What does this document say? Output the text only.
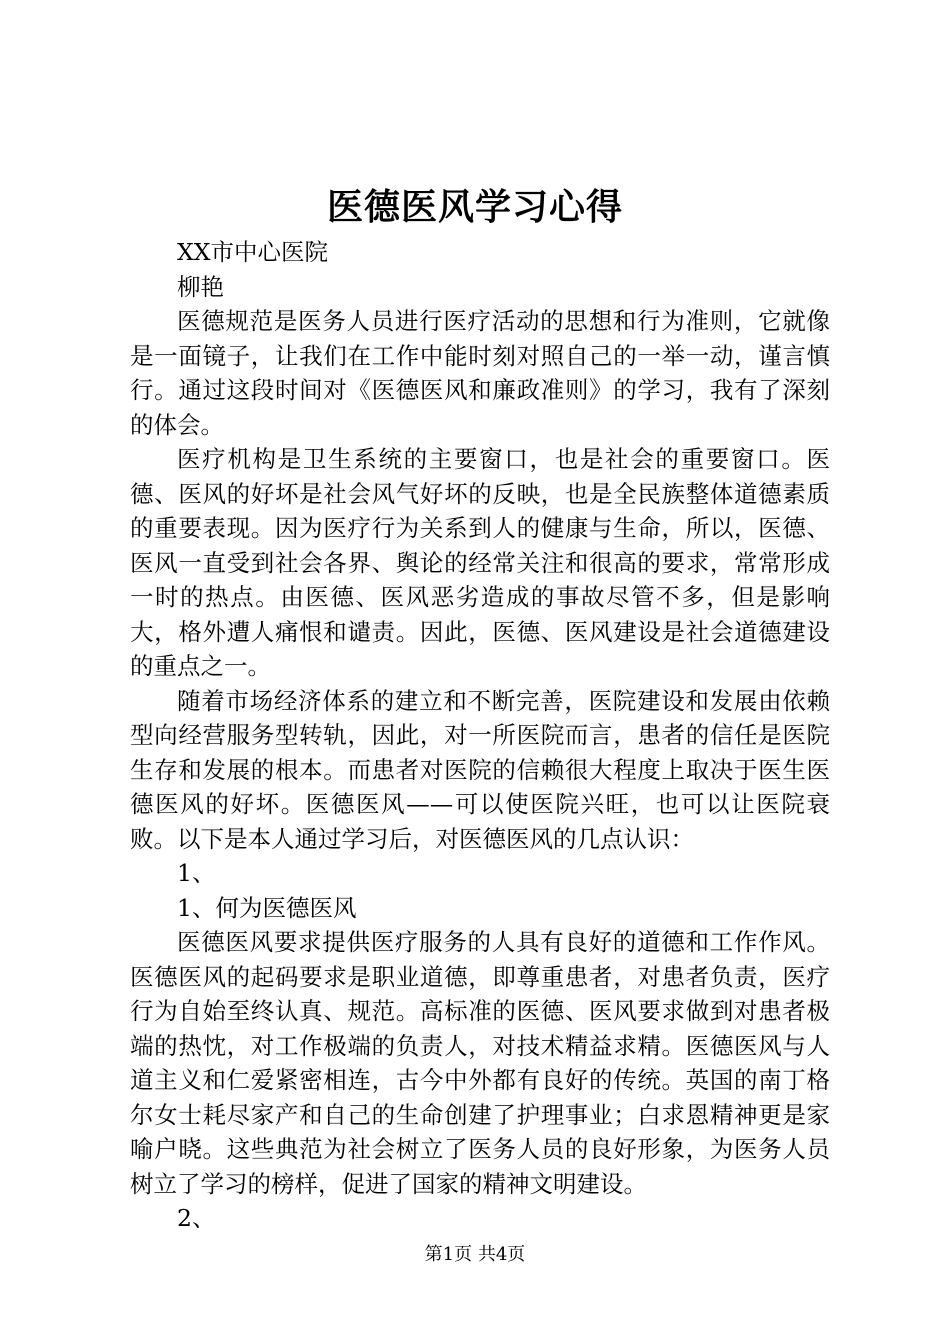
医德医风学习心得

XX市中心医院

柳艳

医德规范是医务人员进行医疗活动的思想和行为准则，它就像是一面镜子，让我们在工作中能时刻对照自己的一举一动，谨言慎行。通过这段时间对《医德医风和廉政准则》的学习，我有了深刻的体会。

医疗机构是卫生系统的主要窗口，也是社会的重要窗口。医德、医风的好坏是社会风气好坏的反映，也是全民族整体道德素质的重要表现。因为医疗行为关系到人的健康与生命，所以，医德、医风一直受到社会各界、舆论的经常关注和很高的要求，常常形成一时的热点。由医德、医风恶劣造成的事故尽管不多，但是影响大，格外遭人痛恨和谴责。因此，医德、医风建设是社会道德建设的重点之一。

随着市场经济体系的建立和不断完善，医院建设和发展由依赖型向经营服务型转轨，因此，对一所医院而言，患者的信任是医院生存和发展的根本。而患者对医院的信赖很大程度上取决于医生医德医风的好坏。医德医风——可以使医院兴旺，也可以让医院衰败。以下是本人通过学习后，对医德医风的几点认识：

1、

1、何为医德医风

医德医风要求提供医疗服务的人具有良好的道德和工作作风。医德医风的起码要求是职业道德，即尊重患者，对患者负责，医疗行为自始至终认真、规范。高标准的医德、医风要求做到对患者极端的热忱，对工作极端的负责人，对技术精益求精。医德医风与人道主义和仁爱紧密相连，古今中外都有良好的传统。英国的南丁格尔女士耗尽家产和自己的生命创建了护理事业；白求恩精神更是家喻户晓。这些典范为社会树立了医务人员的良好形象，为医务人员树立了学习的榜样，促进了国家的精神文明建设。

2、

第1页 共4页
